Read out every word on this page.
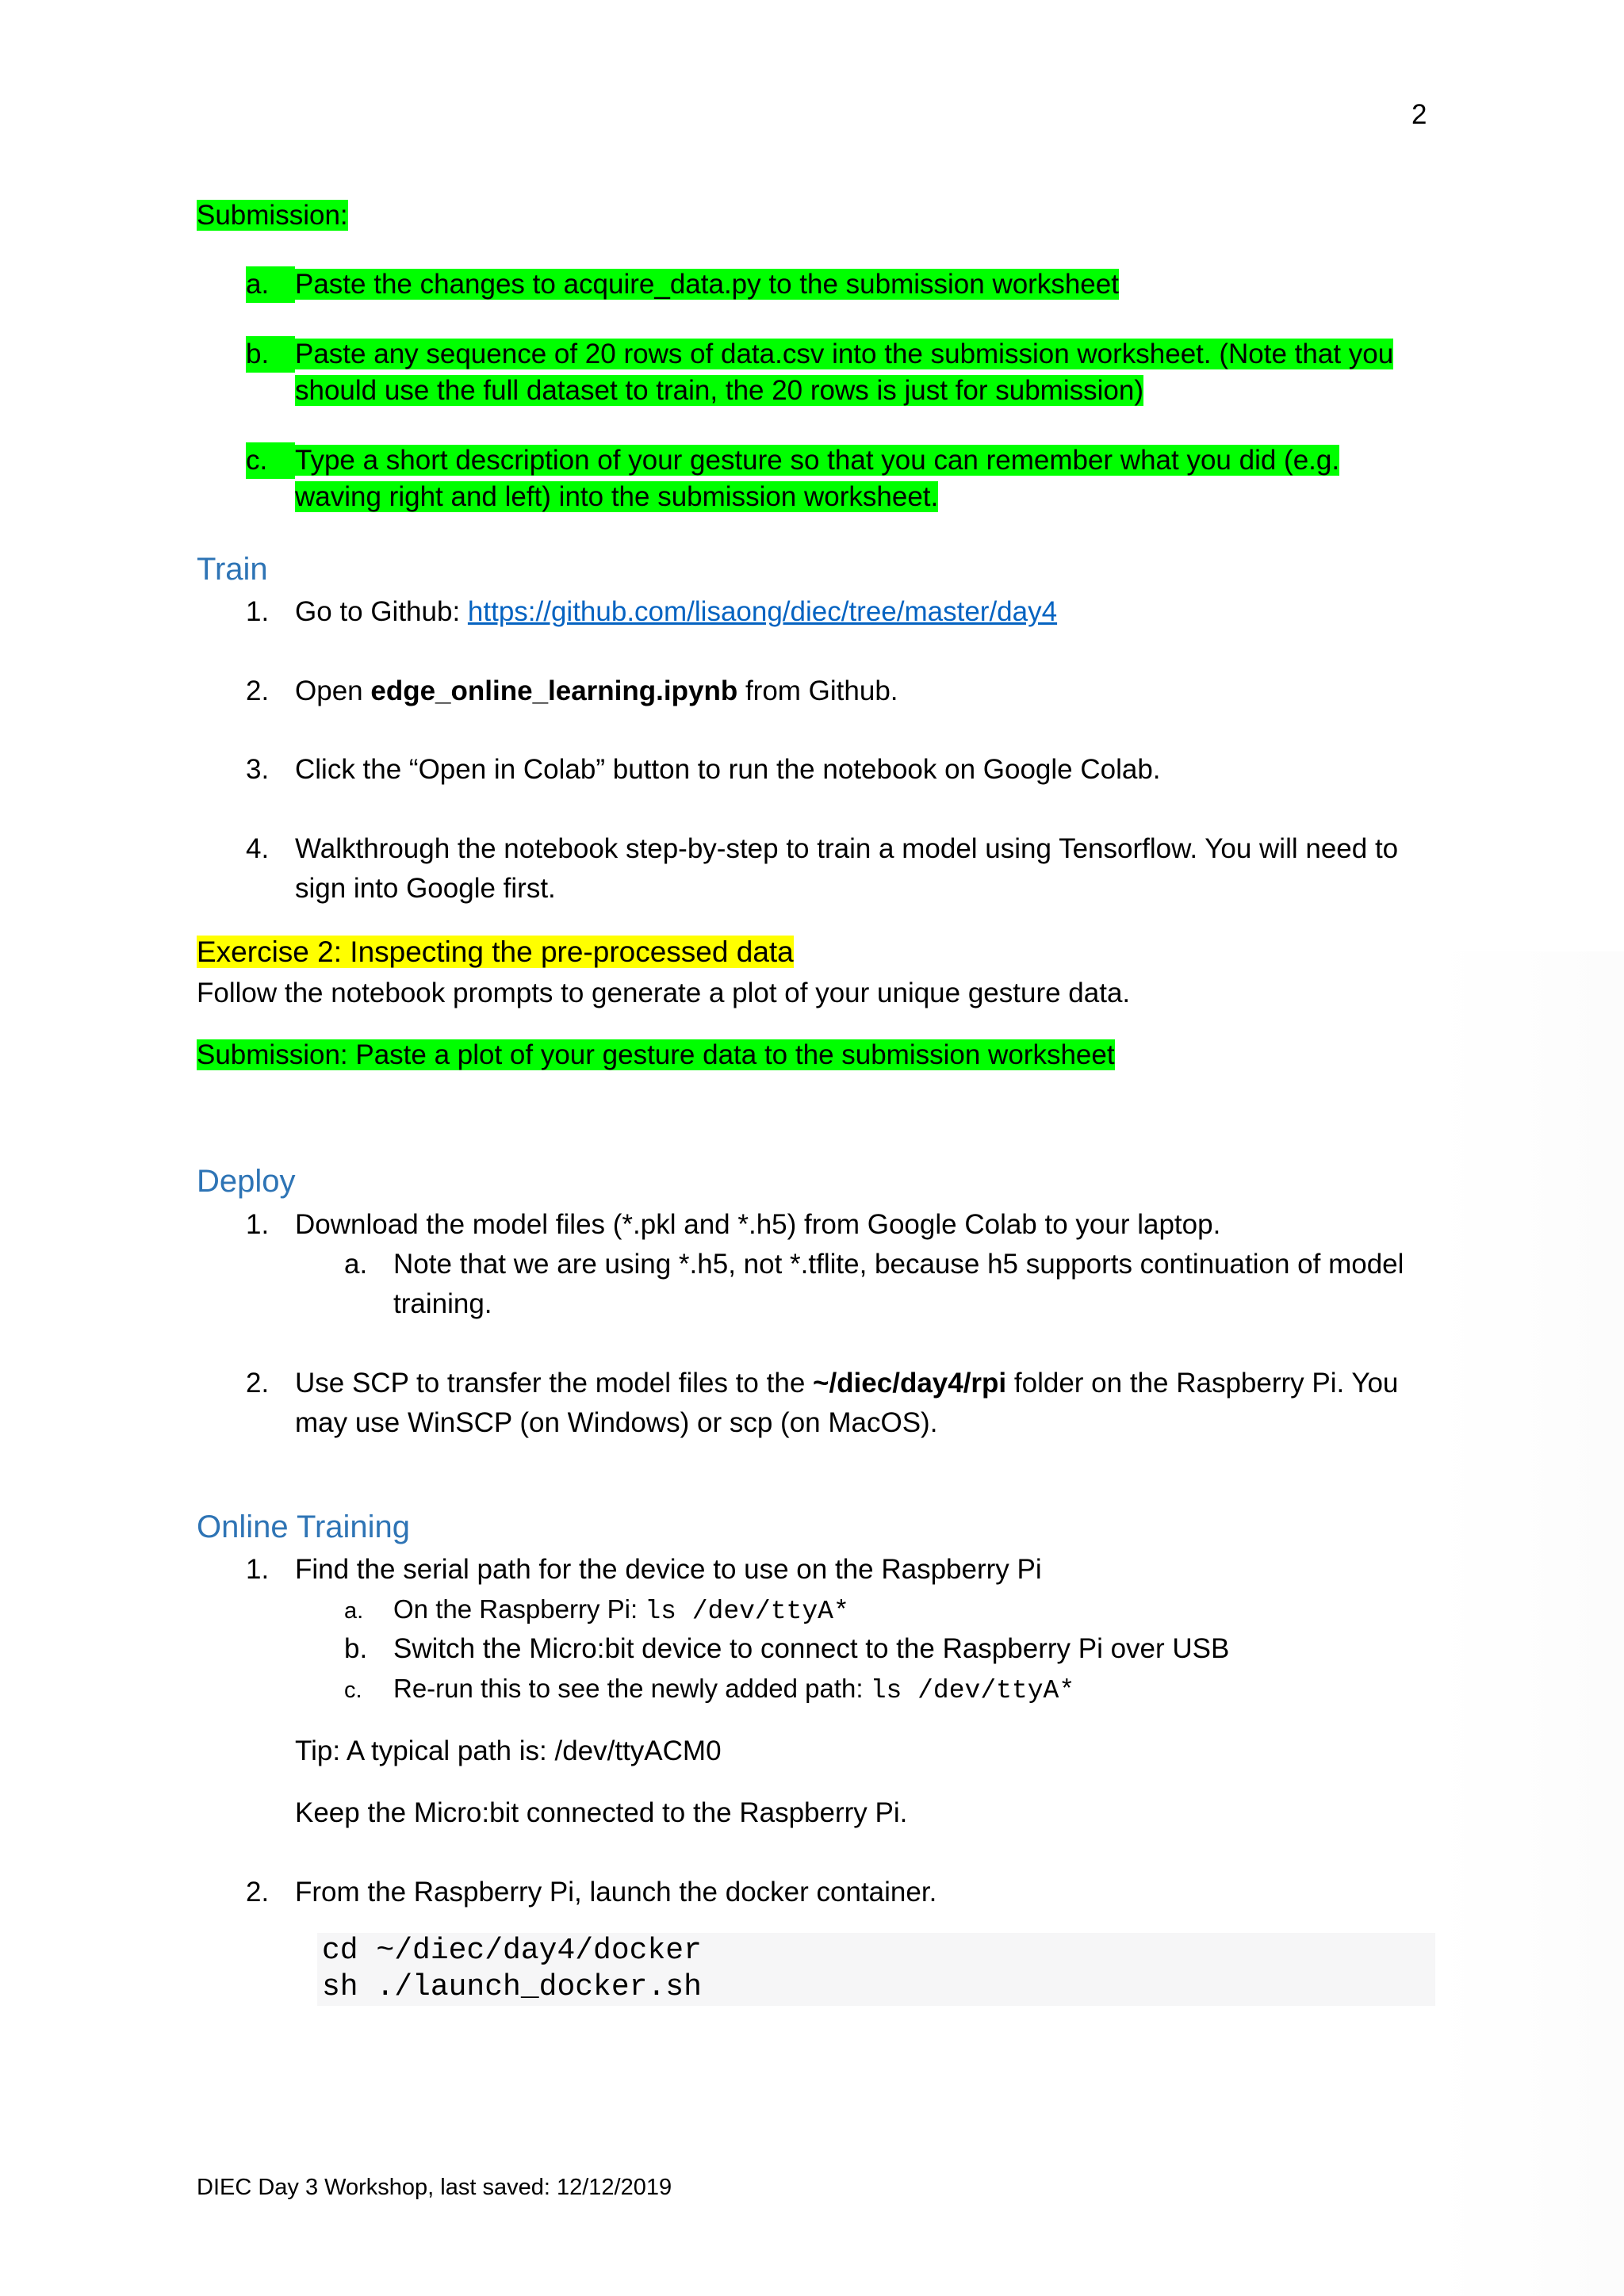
2
Submission:
a. Paste the changes to acquire_data.py to the submission worksheet
b. Paste any sequence of 20 rows of data.csv into the submission worksheet. (Note that you
should use the full dataset to train, the 20 rows is just for submission)
c. Type a short description of your gesture so that you can remember what you did (e.g.
waving right and left) into the submission worksheet.
Train
1. Go to Github: https://github.com/lisaong/diec/tree/master/day4
2. Open edge_online_learning.ipynb from Github.
3. Click the “Open in Colab” button to run the notebook on Google Colab.
4. Walkthrough the notebook step-by-step to train a model using Tensorflow. You will need to
sign into Google first.
Exercise 2: Inspecting the pre-processed data
Follow the notebook prompts to generate a plot of your unique gesture data.
Submission: Paste a plot of your gesture data to the submission worksheet
Deploy
1. Download the model files (*.pkl and *.h5) from Google Colab to your laptop.
a. Note that we are using *.h5, not *.tflite, because h5 supports continuation of model
training.
2. Use SCP to transfer the model files to the ~/diec/day4/rpi folder on the Raspberry Pi. You
may use WinSCP (on Windows) or scp (on MacOS).
Online Training
1. Find the serial path for the device to use on the Raspberry Pi
a. On the Raspberry Pi: ls /dev/ttyA*
b. Switch the Micro:bit device to connect to the Raspberry Pi over USB
c. Re-run this to see the newly added path: ls /dev/ttyA*
Tip: A typical path is: /dev/ttyACM0
Keep the Micro:bit connected to the Raspberry Pi.
2. From the Raspberry Pi, launch the docker container.
cd ~/diec/day4/docker
sh ./launch_docker.sh
DIEC Day 3 Workshop, last saved: 12/12/2019
